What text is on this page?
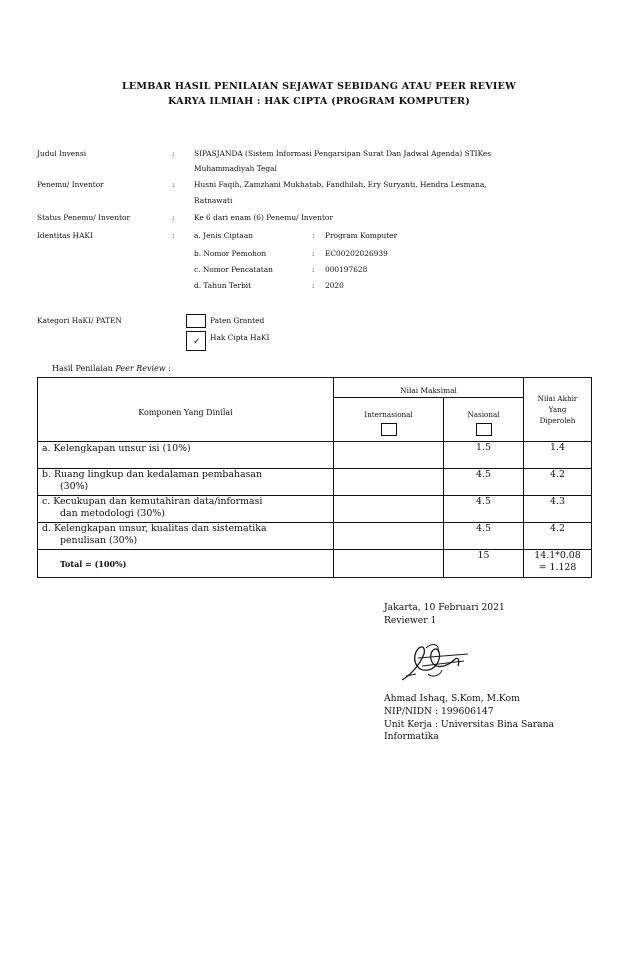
LEMBAR HASIL PENILAIAN SEJAWAT SEBIDANG ATAU PEER REVIEW
KARYA ILMIAH : HAK CIPTA (PROGRAM KOMPUTER)
Judul Invensi	:	SIPASJANDA (Sistem Informasi Pengarsipan Surat Dan Jadwal Agenda) STIKes
Muhammadiyah Tegal
Penemu/ Inventor	:	Husni Faqih, Zamzhani Mukhatab, Fandhilah, Ery Suryanti, Hendra Lesmana,
Ratnawati
Status Penemu/ Inventor	:	Ke 6 dari enam (6) Penemu/ Inventor
Identitas HAKI	:	a. Jenis Ciptaan	: Program Komputer
b. Nomor Pemohon	: EC00202026939
c. Nomor Pencatatan	: 000197628
d. Tahun Terbit	: 2020
Kategori HaKI/ PATEN	Paten Granted
✓ Hak Cipta HaKI
Hasil Penilaian Peer Review :
Komponen Yang Dinilai	Nilai Maksimal		Nilai Akhir
Yang
Diperoleh

	Internasional	Nasional	

a. Kelengkapan unsur isi (10%)		1.5	1.4

b. Ruang lingkup dan kedalaman pembahasan
(30%)		4.5	4.2

c. Kecukupan dan kemutahiran data/informasi
dan metodologi (30%)		4.5	4.3

d. Kelengkapan unsur, kualitas dan sistematika
penulisan (30%)		4.5	4.2

Total = (100%)		15	14.1*0.08
= 1.128
Jakarta, 10 Februari 2021
Reviewer 1
Ahmad Ishaq, S.Kom, M.Kom
NIP/NIDN : 199606147
Unit Kerja : Universitas Bina Sarana
Informatika
